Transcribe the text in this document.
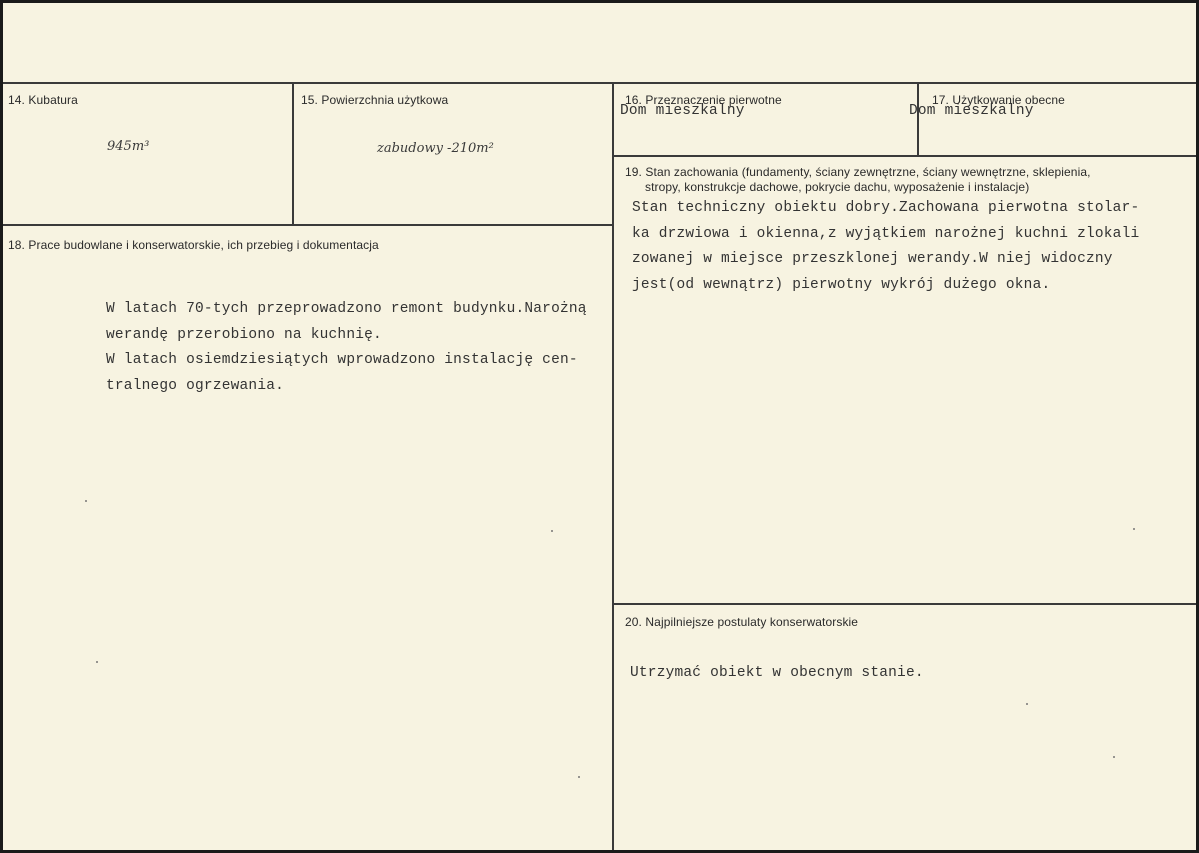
14. Kubatura
945m³
15. Powierzchnia użytkowa
zabudowy -210m²
16. Przeznaczenie pierwotne
Dom mieszkalny
17. Użytkowanie obecne
Dom mieszkalny
18. Prace budowlane i konserwatorskie, ich przebieg i dokumentacja
W latach 70-tych przeprowadzono remont budynku.Narożną
werandę przerobiono na kuchnię.
W latach osiemdziesiątych wprowadzono instalację cen-
tralnego ogrzewania.
19. Stan zachowania (fundamenty, ściany zewnętrzne, ściany wewnętrzne, sklepienia,
stropy, konstrukcje dachowe, pokrycie dachu, wyposażenie i instalacje)
Stan techniczny obiektu dobry.Zachowana pierwotna stolar-
ka drzwiowa i okienna,z wyjątkiem narożnej kuchni zlokali
zowanej w miejsce przeszklonej werandy.W niej widoczny
jest(od wewnątrz) pierwotny wykrój dużego okna.
20. Najpilniejsze postulaty konserwatorskie
Utrzymać obiekt w obecnym stanie.
